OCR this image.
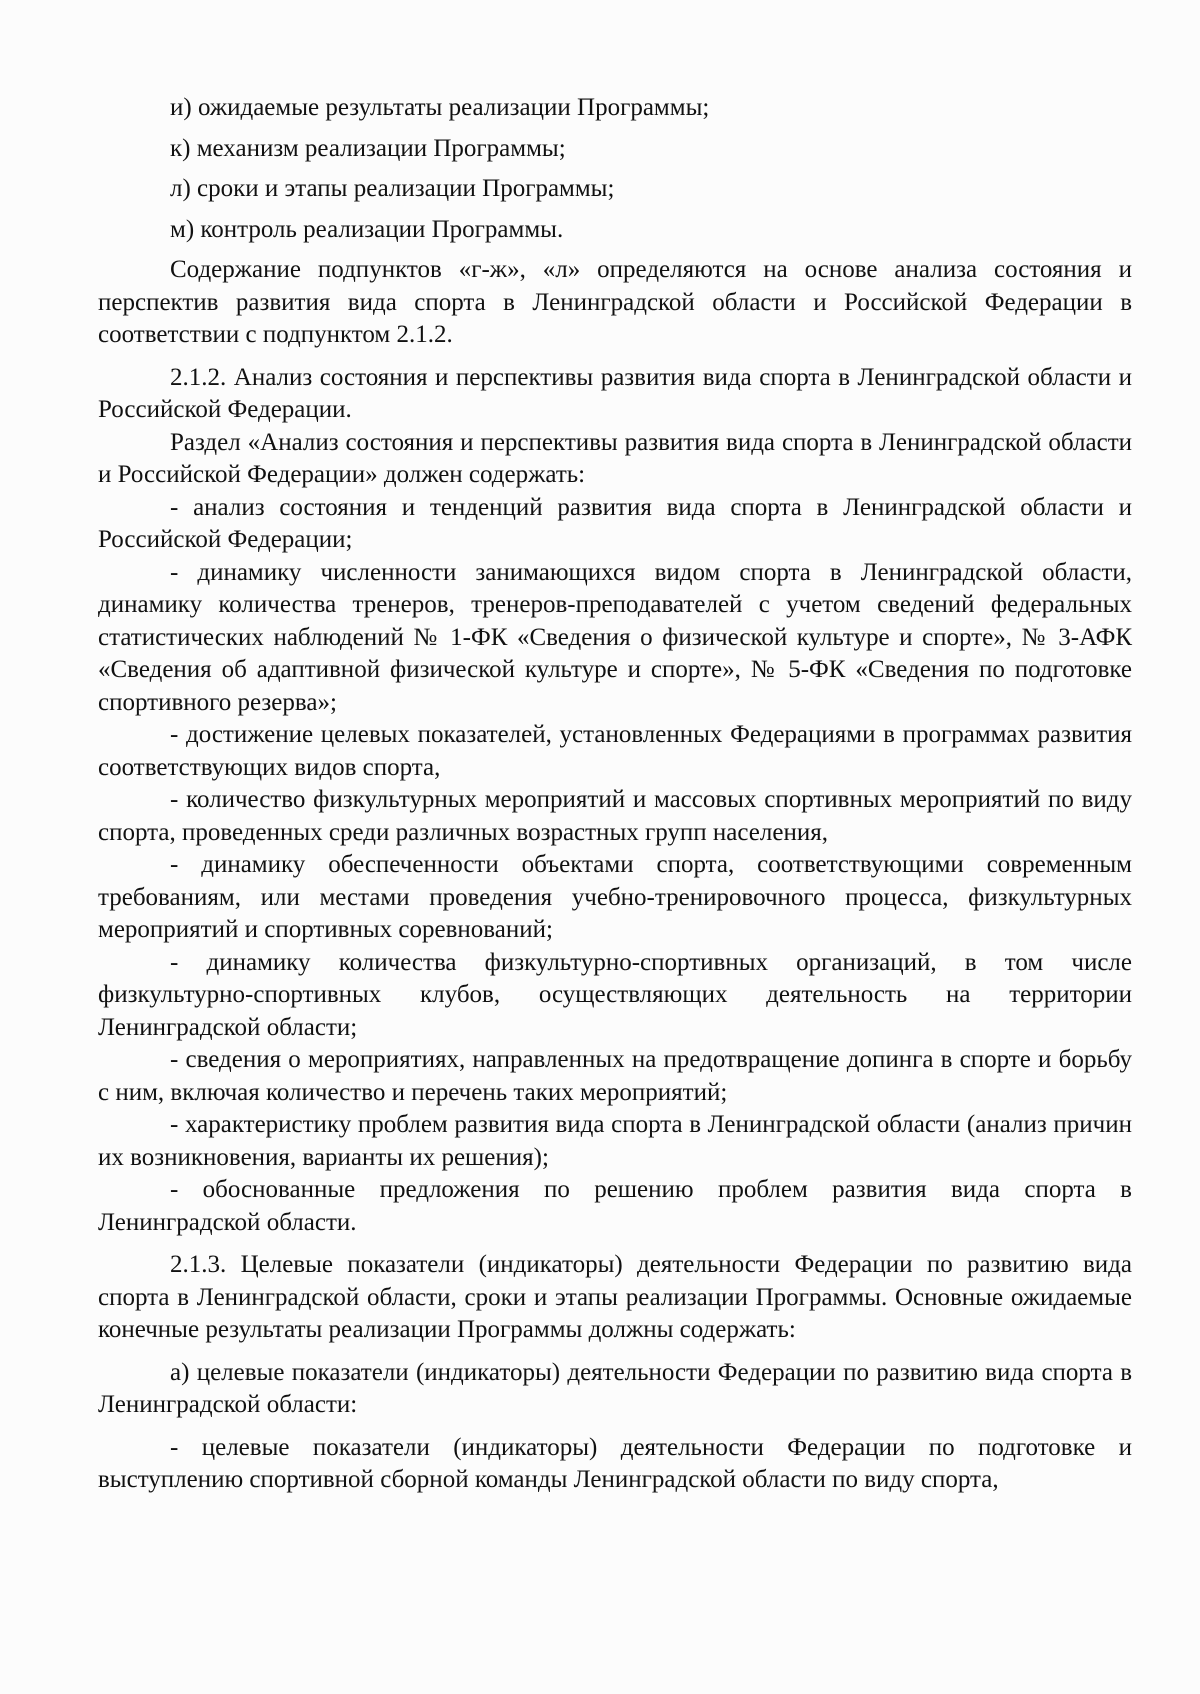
и) ожидаемые результаты реализации Программы;

к) механизм реализации Программы;

л) сроки и этапы реализации Программы;

м) контроль реализации Программы.

Содержание подпунктов «г-ж», «л» определяются на основе анализа состояния и перспектив развития вида спорта в Ленинградской области и Российской Федерации в соответствии с подпунктом 2.1.2.

2.1.2. Анализ состояния и перспективы развития вида спорта в Ленинградской области и Российской Федерации.

Раздел «Анализ состояния и перспективы развития вида спорта в Ленинградской области и Российской Федерации» должен содержать:

- анализ состояния и тенденций развития вида спорта в Ленинградской области и Российской Федерации;

- динамику численности занимающихся видом спорта в Ленинградской области, динамику количества тренеров, тренеров-преподавателей с учетом сведений федеральных статистических наблюдений № 1-ФК «Сведения о физической культуре и спорте», № 3-АФК «Сведения об адаптивной физической культуре и спорте», № 5-ФК «Сведения по подготовке спортивного резерва»;

- достижение целевых показателей, установленных Федерациями в программах развития соответствующих видов спорта,

- количество физкультурных мероприятий и массовых спортивных мероприятий по виду спорта, проведенных среди различных возрастных групп населения,

- динамику обеспеченности объектами спорта, соответствующими современным требованиям, или местами проведения учебно-тренировочного процесса, физкультурных мероприятий и спортивных соревнований;

- динамику количества физкультурно-спортивных организаций, в том числе физкультурно-спортивных клубов, осуществляющих деятельность на территории Ленинградской области;

- сведения о мероприятиях, направленных на предотвращение допинга в спорте и борьбу с ним, включая количество и перечень таких мероприятий;

- характеристику проблем развития вида спорта в Ленинградской области (анализ причин их возникновения, варианты их решения);

- обоснованные предложения по решению проблем развития вида спорта в Ленинградской области.

2.1.3. Целевые показатели (индикаторы) деятельности Федерации по развитию вида спорта в Ленинградской области, сроки и этапы реализации Программы. Основные ожидаемые конечные результаты реализации Программы должны содержать:

а) целевые показатели (индикаторы) деятельности Федерации по развитию вида спорта в Ленинградской области:

- целевые показатели (индикаторы) деятельности Федерации по подготовке и выступлению спортивной сборной команды Ленинградской области по виду спорта,
